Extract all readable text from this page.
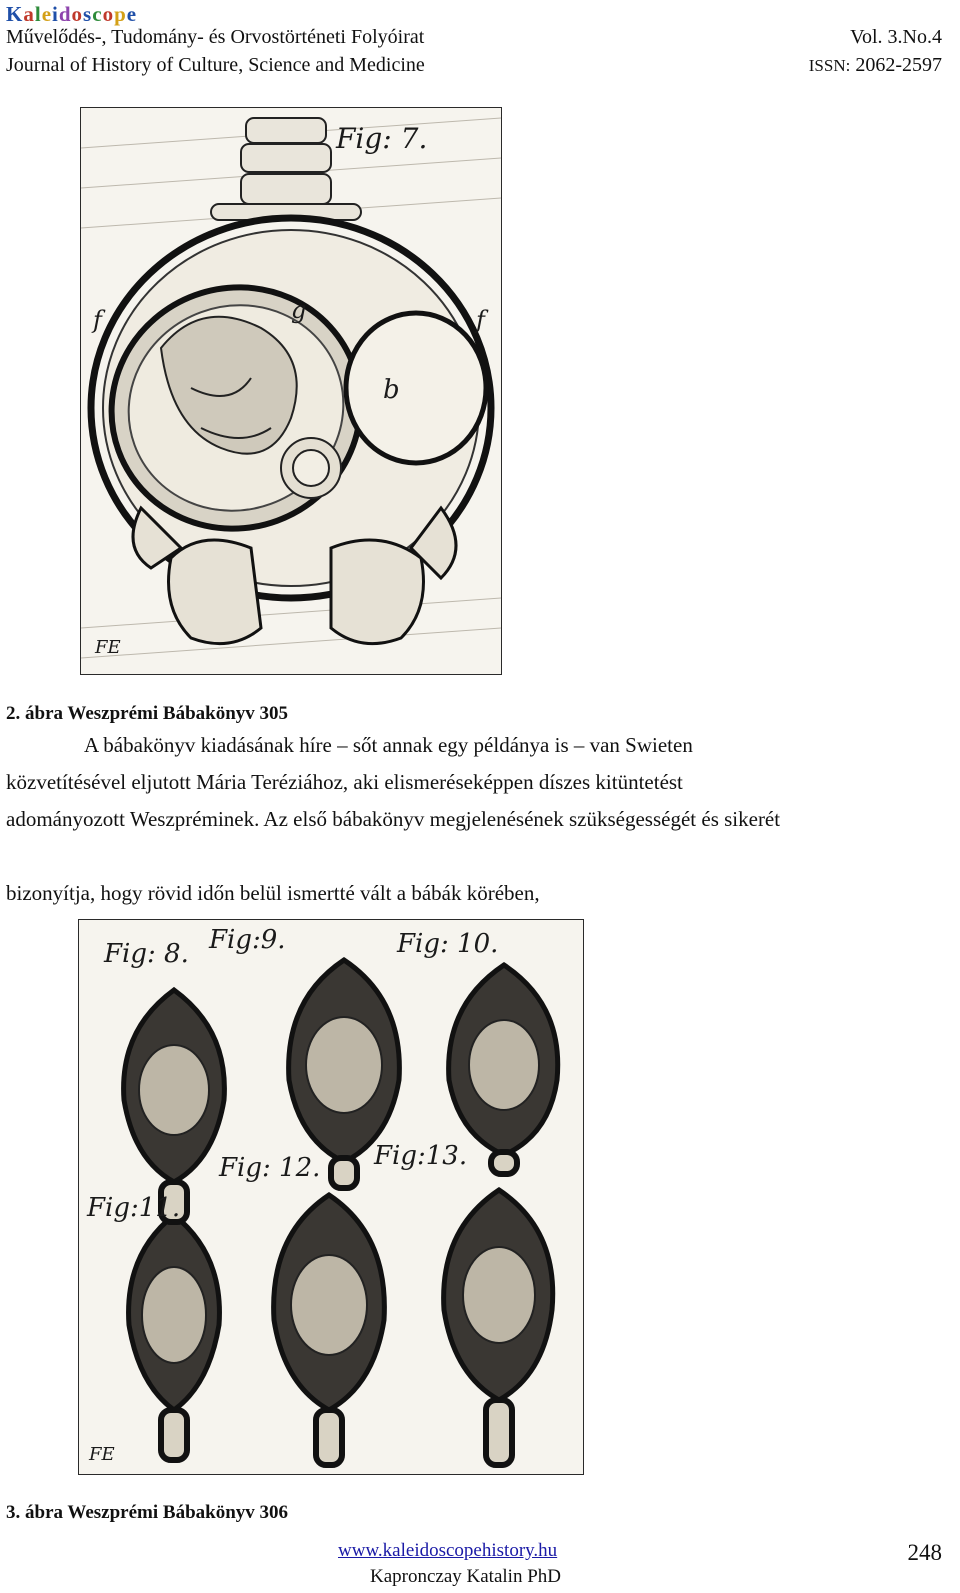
Kaleidoscope
Művelődés-, Tudomány- és Orvostörténeti Folyóirat
Journal of History of Culture, Science and Medicine
Vol. 3.No.4
ISSN: 2062-2597
Fig: 7.
b
f	f
g
FE
2. ábra Weszprémi Bábakönyv 305
A bábakönyv kiadásának híre – sőt annak egy példánya is – van Swieten
közvetítésével eljutott Mária Teréziához, aki elismeréseképpen díszes kitüntetést
adományozott Weszpréminek. Az első bábakönyv megjelenésének szükségességét és sikerét
bizonyítja, hogy rövid időn belül ismertté vált a bábák körében,
Fig: 8. Fig:9.	Fig: 10.
Fig:11.
Fig: 12. Fig:13.
FE
3. ábra Weszprémi Bábakönyv 306
www.kaleidoscopehistory.hu
Kapronczay Katalin PhD
248
